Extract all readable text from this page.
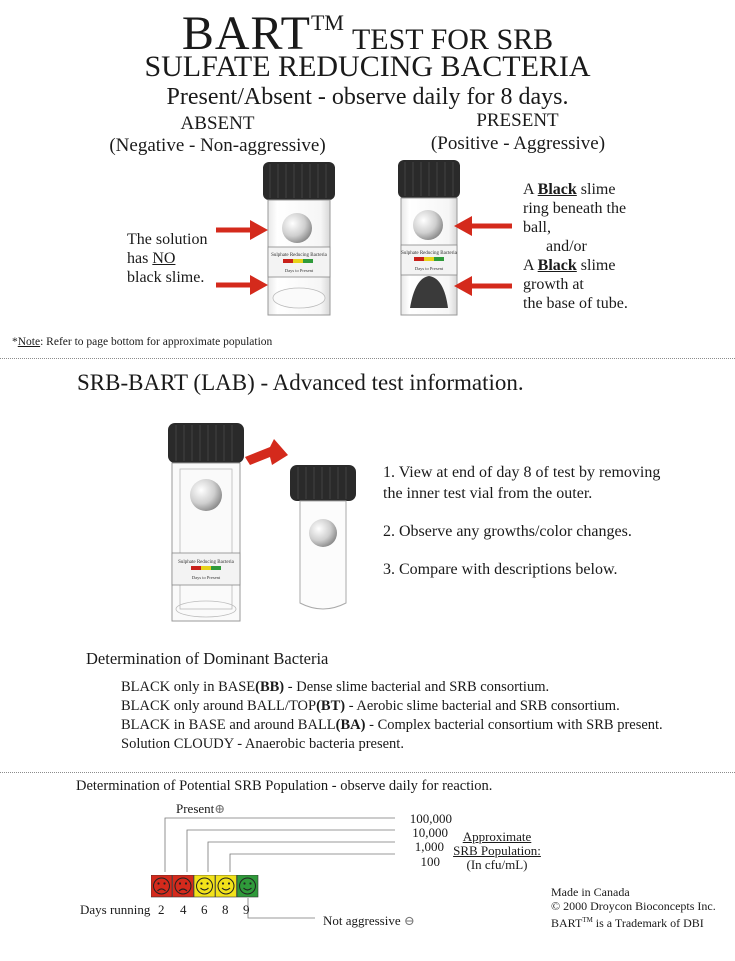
BARTTMTEST FOR SRB
SULFATE REDUCING BACTERIA
Present/Absent - observe daily for 8 days.
ABSENT
(Negative - Non-aggressive)
PRESENT
(Positive - Aggressive)
Sulphate Reducing Bacteria
Days to Present
Sulphate Reducing Bacteria
Days to Present
The solution
has NO
black slime.
A Black slime
ring beneath the
ball,
and/or
A Black slime
growth at
the base of tube.
*Note: Refer to page bottom for approximate population
SRB-BART (LAB) - Advanced test information.
Sulphate Reducing Bacteria
Days to Present

1. View at end of day 8 of test by removing the inner test vial from the outer.

2. Observe any growths/color changes.

3. Compare with descriptions below.

Determination of Dominant Bacteria

BLACK only in BASE(BB) - Dense slime bacterial and SRB consortium.

BLACK only around BALL/TOP(BT) - Aerobic slime bacterial and SRB consortium.

BLACK in BASE and around BALL(BA) - Complex bacterial consortium with SRB present.

Solution CLOUDY - Anaerobic bacteria present.

Determination of Potential SRB Population - observe daily for reaction.
Present⊕
Days running 2 4 6 8 9
Not aggressive ⊖
100,000
10,000
1,000
100
Approximate
SRB Population:
(In cfu/mL)
Made in Canada
© 2000 Droycon Bioconcepts Inc.
BART™ is a Trademark of DBI
